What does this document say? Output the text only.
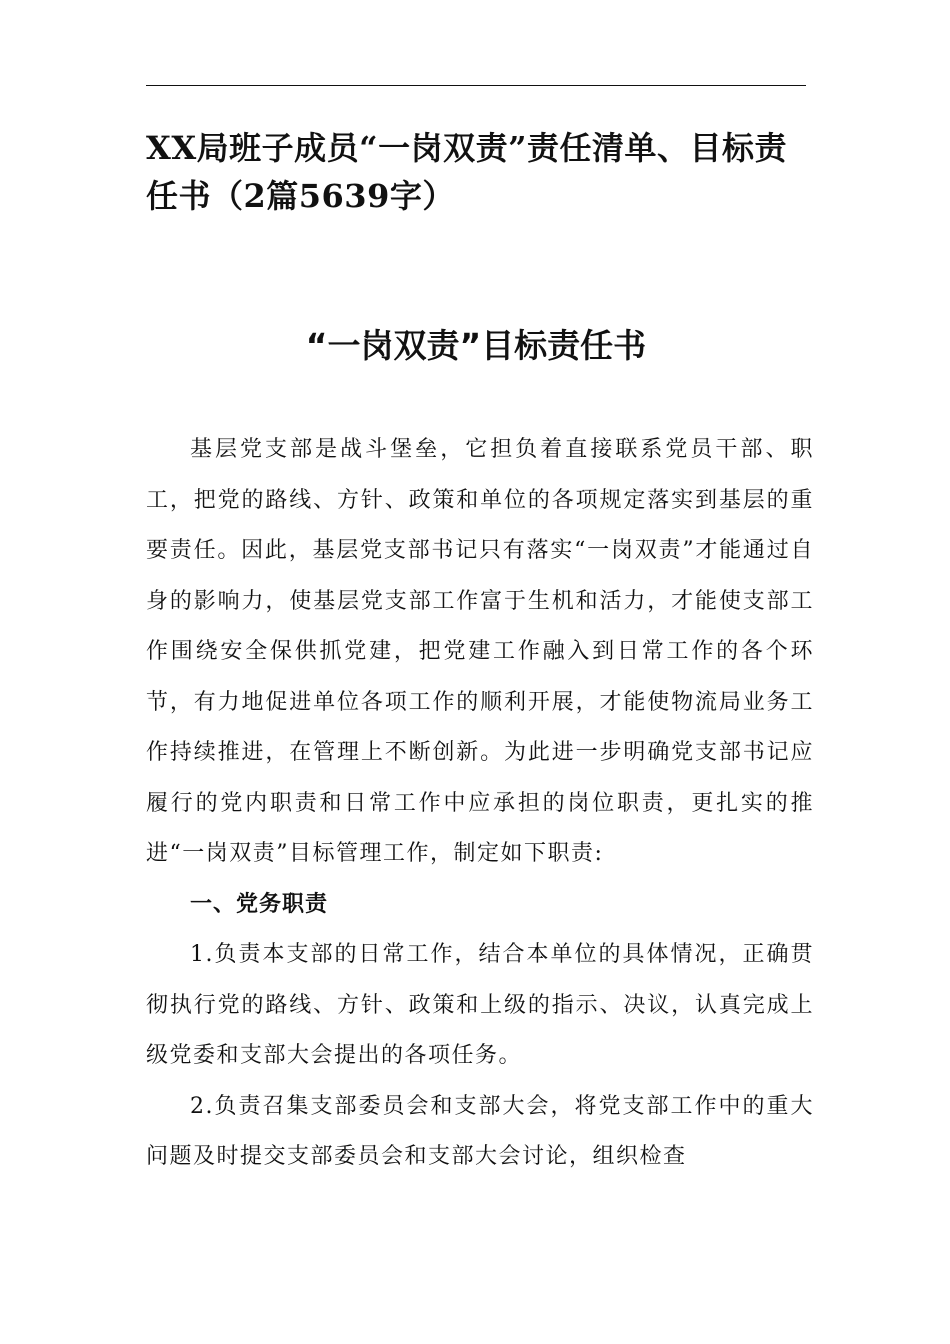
XX局班子成员“一岗双责”责任清单、目标责任书（2篇5639字）
“一岗双责”目标责任书

基层党支部是战斗堡垒，它担负着直接联系党员干部、职工，把党的路线、方针、政策和单位的各项规定落实到基层的重要责任。因此，基层党支部书记只有落实“一岗双责”才能通过自身的影响力，使基层党支部工作富于生机和活力，才能使支部工作围绕安全保供抓党建，把党建工作融入到日常工作的各个环节，有力地促进单位各项工作的顺利开展，才能使物流局业务工作持续推进，在管理上不断创新。为此进一步明确党支部书记应履行的党内职责和日常工作中应承担的岗位职责，更扎实的推进“一岗双责”目标管理工作，制定如下职责:

一、党务职责

1.负责本支部的日常工作，结合本单位的具体情况，正确贯彻执行党的路线、方针、政策和上级的指示、决议，认真完成上级党委和支部大会提出的各项任务。

2.负责召集支部委员会和支部大会，将党支部工作中的重大问题及时提交支部委员会和支部大会讨论，组织检查
